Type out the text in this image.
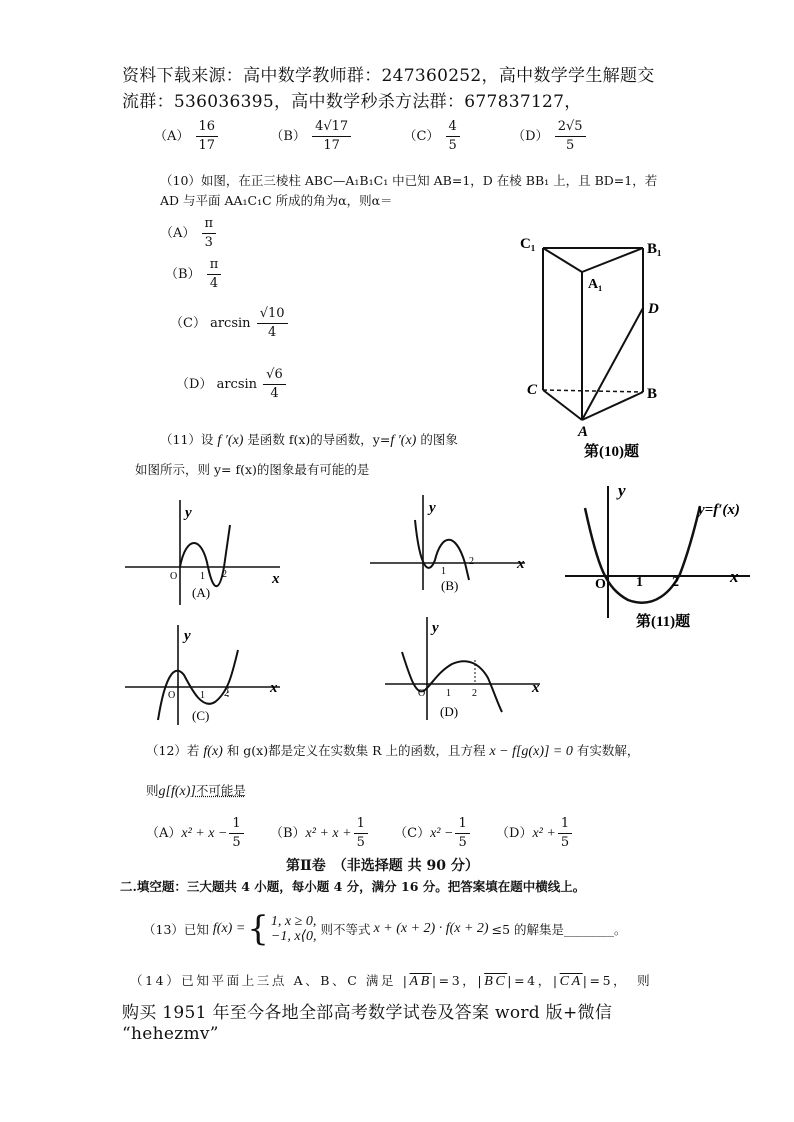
资料下载来源：高中数学教师群：247360252，高中数学学生解题交
流群：536036395，高中数学秒杀方法群：677837127，
$(A) \frac{16}{17}$	$(B) \frac{4√17}{17}$	$(C) \frac{4}{5}$	$(D) \frac{2√5}{5}$
（10）如图，在正三棱柱 ABC—A₁B₁C₁ 中已知 AB=1，D 在棱 BB₁ 上，且 BD=1，若
AD 与平面 AA₁C₁C 所成的角为α，则α＝
$(A) \frac{\pi}{3}$
$(B) \frac{\pi}{4}$
（C） $\arcsin \frac{√10}{4}$
（D） $\arcsin \frac{√6}{4}$
C₁	B₁
A₁
D
C	B
A
第(10)题
（11）设 f ′(x) 是函数 f(x)的导函数，y=f ′(x) 的图象
如图所示，则 y= f(x)的图象最有可能的是
y
x
O 1 2
(A)
y
x
1
2
(B)
y
x
O 1 2
y=f′(x)
第(11)题
y
x
O 1 2
(C)
y
x
O 1 2
(D)
（12）若 f(x) 和 g(x)都是定义在实数集 R 上的函数，且方程 x − f[g(x)] = 0 有实数解，
则g[f(x)]不可能是
$(A)x^2 + x - \frac{1}{5} (B)x^2 + x + \frac{1}{5} (C)x^2 - \frac{1}{5} (D)x^2 + \frac{1}{5}$
第Ⅱ卷　（非选择题 共 90 分）
二.填空题：三大题共 4 小题，每小题 4 分，满分 16 分。把答案填在题中横线上。
（13）已知 f(x) = { 1, x ≥ 0,
−1, x⟨0, 则不等式 x + (x + 2) · f(x + 2) ≤5 的解集是________。
（14）已知平面上三点 A、B、C 满足 $|\overline{AB}|=3$，$|\overline{BC}|=4$，$|\overline{CA}|=5$，　则
购买 1951 年至今各地全部高考数学试卷及答案 word 版+微信
“hehezmv”
